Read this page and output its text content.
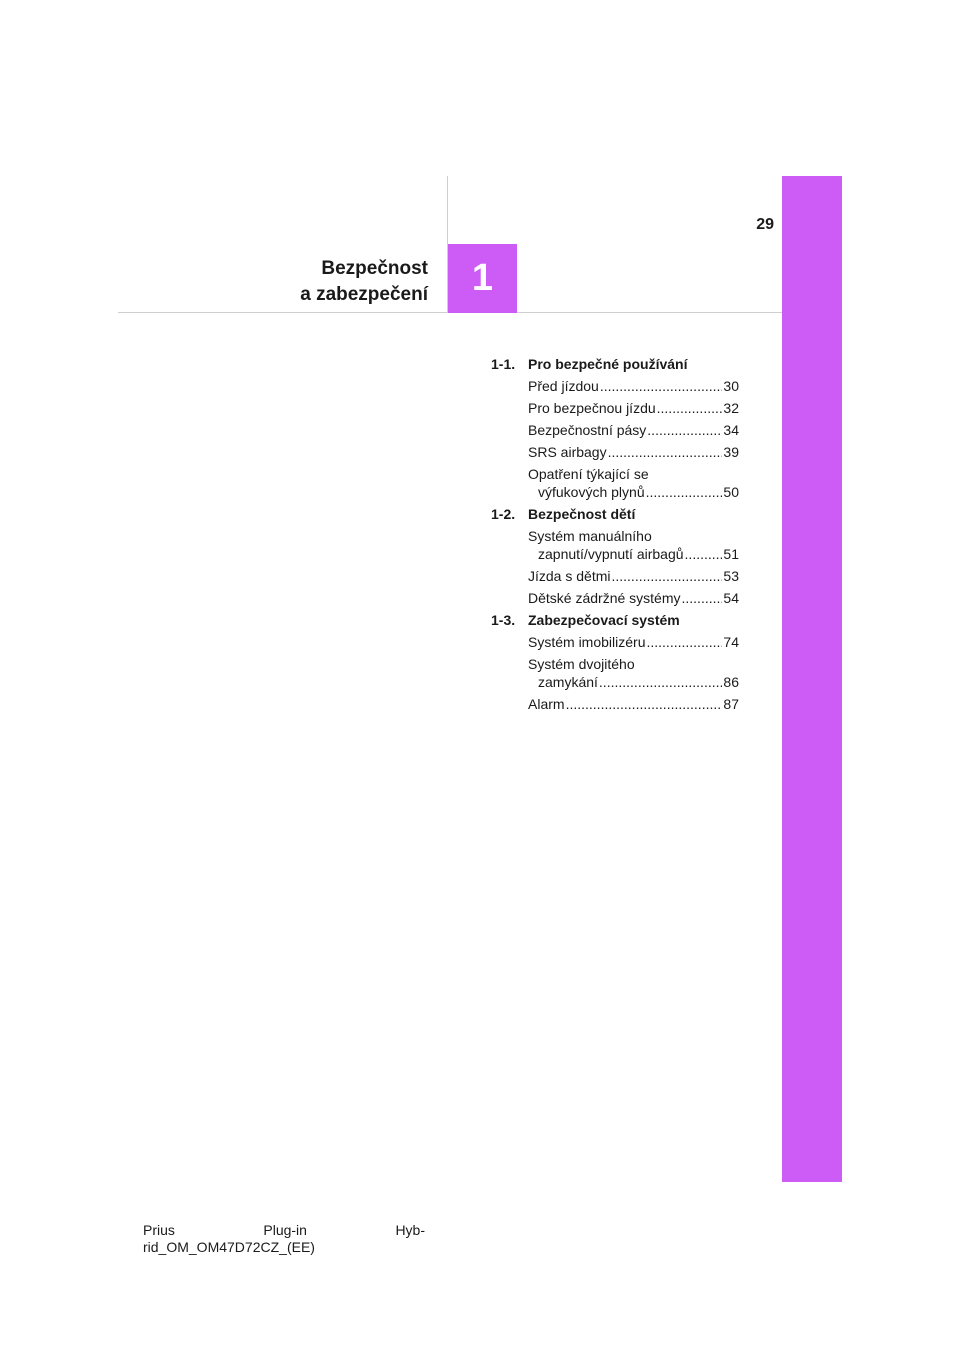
1
Bezpečnost
a zabezpečení
29
1-1. Pro bezpečné používání
Před jízdou .....	30
Pro bezpečnou jízdu .....	32
Bezpečnostní pásy .....	34
SRS airbagy .....	39
Opatření týkající se
výfukových plynů .....	50
1-2. Bezpečnost dětí
Systém manuálního
zapnutí/vypnutí airbagů .....	51
Jízda s dětmi .....	53
Dětské zádržné systémy .....	54
1-3. Zabezpečovací systém
Systém imobilizéru .....	74
Systém dvojitého
zamykání .....	86
Alarm .....	87
Prius	Plug-in	Hyb-
rid_OM_OM47D72CZ_(EE)
